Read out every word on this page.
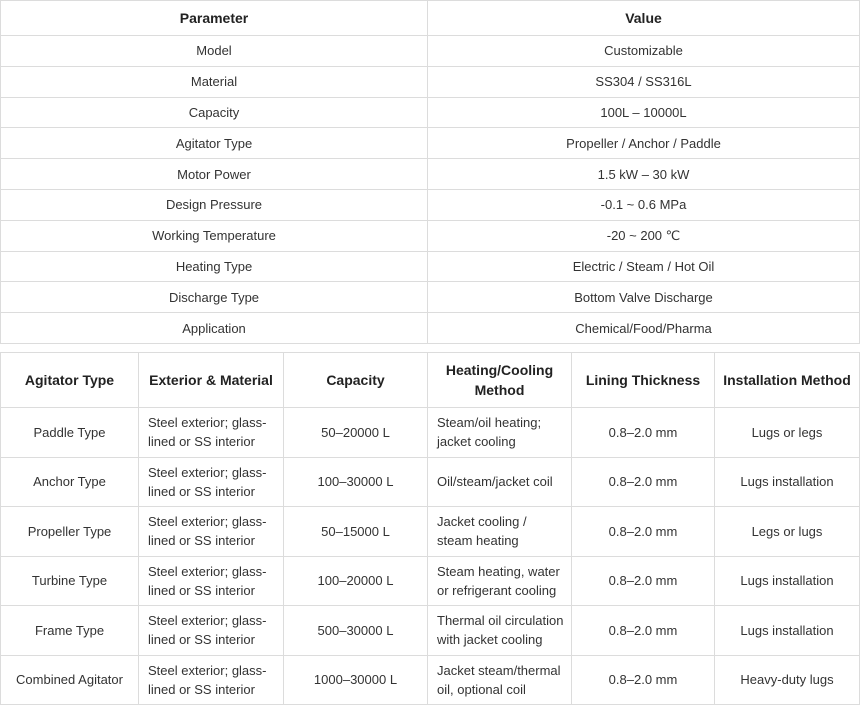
Parameter	Value
Model	Customizable
Material	SS304 / SS316L
Capacity	100L – 10000L
Agitator Type	Propeller / Anchor / Paddle
Motor Power	1.5 kW – 30 kW
Design Pressure	-0.1 ~ 0.6 MPa
Working Temperature	-20 ~ 200 ℃
Heating Type	Electric / Steam / Hot Oil
Discharge Type	Bottom Valve Discharge
Application	Chemical/Food/Pharma
Agitator Type	Exterior & Material	Capacity	Heating/Cooling Method	Lining Thickness	Installation Method
Paddle Type	Steel exterior; glass-lined or SS interior	50–20000 L	Steam/oil heating; jacket cooling	0.8–2.0 mm	Lugs or legs
Anchor Type	Steel exterior; glass-lined or SS interior	100–30000 L	Oil/steam/jacket coil	0.8–2.0 mm	Lugs installation
Propeller Type	Steel exterior; glass-lined or SS interior	50–15000 L	Jacket cooling / steam heating	0.8–2.0 mm	Legs or lugs
Turbine Type	Steel exterior; glass-lined or SS interior	100–20000 L	Steam heating, water or refrigerant cooling	0.8–2.0 mm	Lugs installation
Frame Type	Steel exterior; glass-lined or SS interior	500–30000 L	Thermal oil circulation with jacket cooling	0.8–2.0 mm	Lugs installation
Combined Agitator	Steel exterior; glass-lined or SS interior	1000–30000 L	Jacket steam/thermal oil, optional coil	0.8–2.0 mm	Heavy-duty lugs
